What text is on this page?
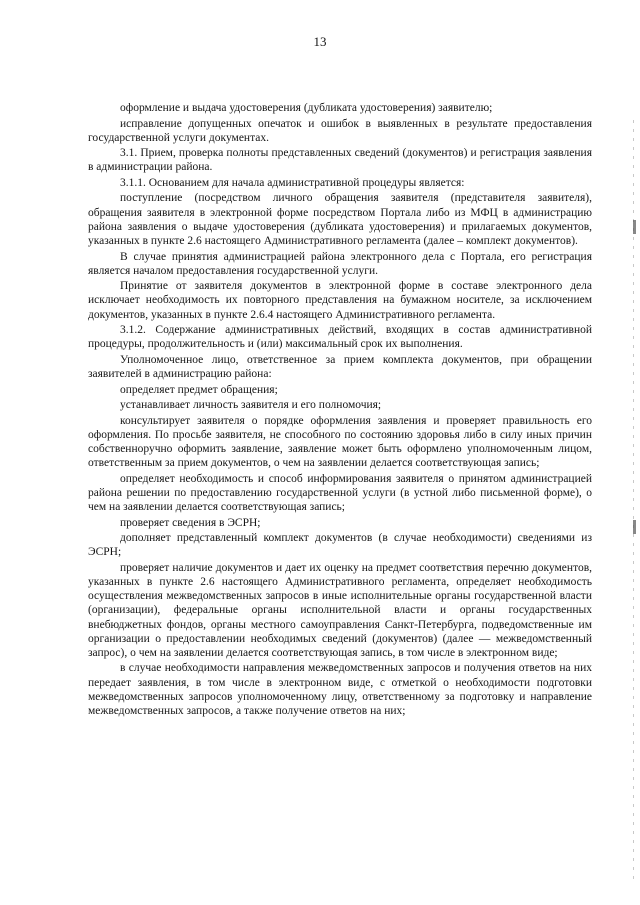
13

оформление и выдача удостоверения (дубликата удостоверения) заявителю;

исправление допущенных опечаток и ошибок в выявленных в результате предоставления государственной услуги документах.

3.1. Прием, проверка полноты представленных сведений (документов) и регистрация заявления в администрации района.

3.1.1. Основанием для начала административной процедуры является:

поступление (посредством личного обращения заявителя (представителя заявителя), обращения заявителя в электронной форме посредством Портала либо из МФЦ в администрацию района заявления о выдаче удостоверения (дубликата удостоверения) и прилагаемых документов, указанных в пункте 2.6 настоящего Административного регламента (далее – комплект документов).

В случае принятия администрацией района электронного дела с Портала, его регистрация является началом предоставления государственной услуги.

Принятие от заявителя документов в электронной форме в составе электронного дела исключает необходимость их повторного представления на бумажном носителе, за исключением документов, указанных в пункте 2.6.4 настоящего Административного регламента.

3.1.2. Содержание административных действий, входящих в состав административной процедуры, продолжительность и (или) максимальный срок их выполнения.

Уполномоченное лицо, ответственное за прием комплекта документов, при обращении заявителей в администрацию района:

определяет предмет обращения;

устанавливает личность заявителя и его полномочия;

консультирует заявителя о порядке оформления заявления и проверяет правильность его оформления. По просьбе заявителя, не способного по состоянию здоровья либо в силу иных причин собственноручно оформить заявление, заявление может быть оформлено уполномоченным лицом, ответственным за прием документов, о чем на заявлении делается соответствующая запись;

определяет необходимость и способ информирования заявителя о принятом администрацией района решении по предоставлению государственной услуги (в устной либо письменной форме), о чем на заявлении делается соответствующая запись;

проверяет сведения в ЭСРН;

дополняет представленный комплект документов (в случае необходимости) сведениями из ЭСРН;

проверяет наличие документов и дает их оценку на предмет соответствия перечню документов, указанных в пункте 2.6 настоящего Административного регламента, определяет необходимость осуществления межведомственных запросов в иные исполнительные органы государственной власти (организации), федеральные органы исполнительной власти и органы государственных внебюджетных фондов, органы местного самоуправления Санкт-Петербурга, подведомственные им организации о предоставлении необходимых сведений (документов) (далее — межведомственный запрос), о чем на заявлении делается соответствующая запись, в том числе в электронном виде;

в случае необходимости направления межведомственных запросов и получения ответов на них передает заявления, в том числе в электронном виде, с отметкой о необходимости подготовки межведомственных запросов уполномоченному лицу, ответственному за подготовку и направление межведомственных запросов, а также получение ответов на них;
